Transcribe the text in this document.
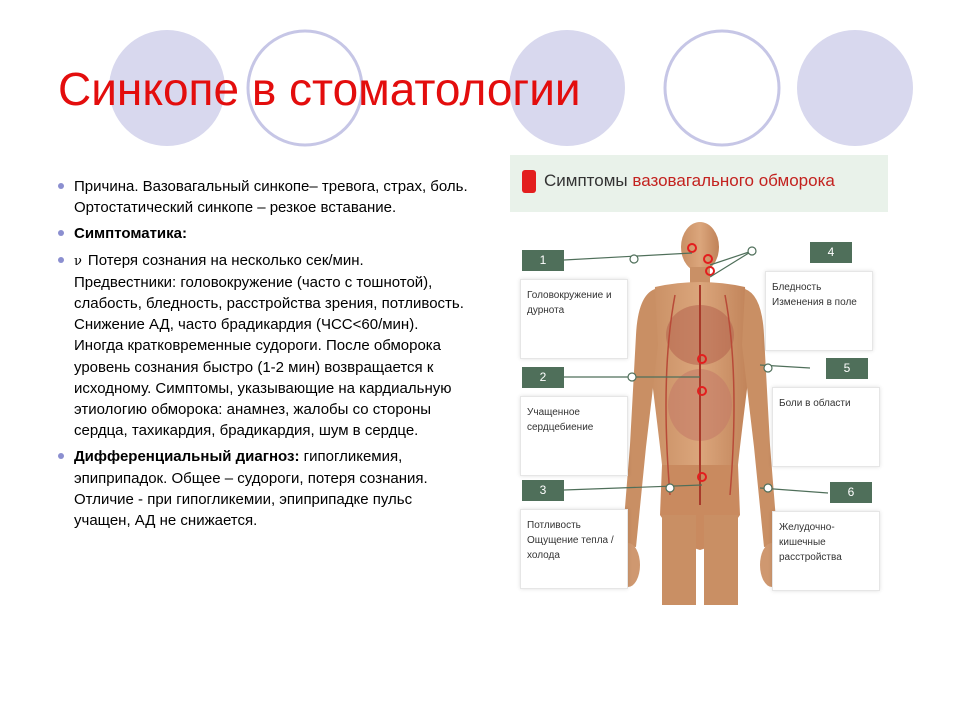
Синкопе в стоматологии
Причина. Вазовагальный синкопе– тревога, страх, боль. Ортостатический синкопе – резкое вставание.
Симптоматика:
ν Потеря сознания на несколько сек/мин. Предвестники: головокружение (часто с тошнотой), слабость, бледность, расстройства зрения, потливость. Снижение АД, часто брадикардия (ЧСС<60/мин). Иногда кратковременные судороги. После обморока уровень сознания быстро (1-2 мин) возвращается к исходному. Симптомы, указывающие на кардиальную этиологию обморока: анамнез, жалобы со стороны сердца, тахикардия, брадикардия, шум в сердце.
Дифференциальный диагноз: гипогликемия, эпиприпадок. Общее – судороги, потеря сознания. Отличие - при гипогликемии, эпиприпадке пульс учащен, АД не снижается.
Симптомы вазовагального обморока
1
Головокружение и дурнота
2
Учащенное сердцебиение
3
Потливость Ощущение тепла / холода
4
Бледность Изменения в поле
5
Боли в области
6
Желудочно-кишечные расстройства
